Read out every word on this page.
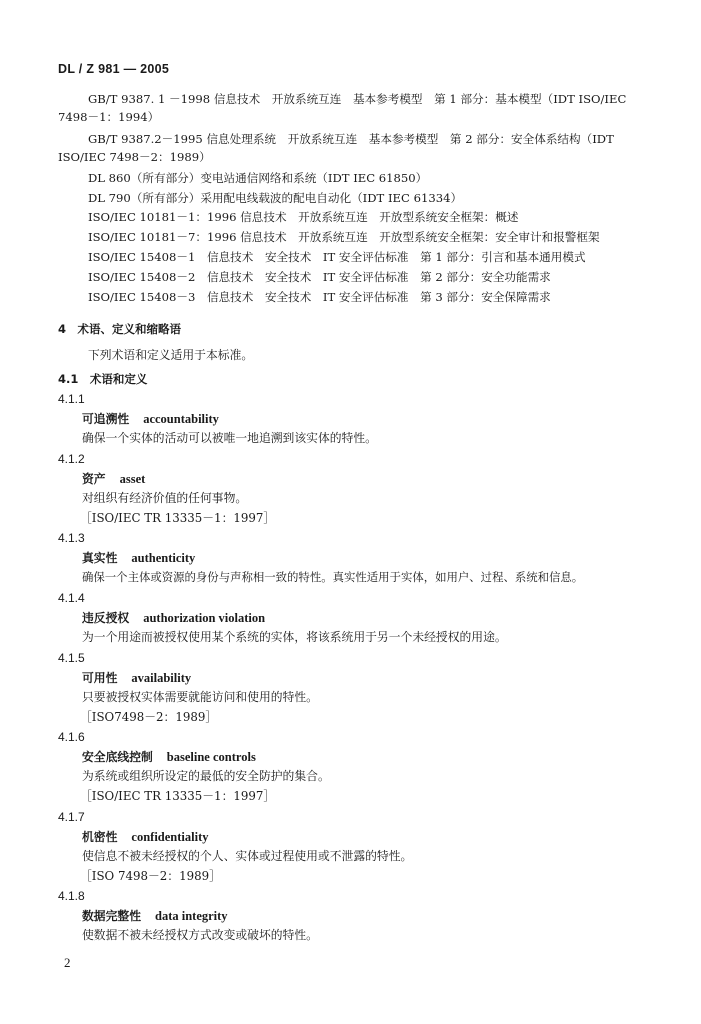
DL / Z 981 — 2005
GB/T 9387. 1 －1998 信息技术　开放系统互连　基本参考模型　第 1 部分：基本模型（IDT ISO/IEC
7498－1：1994）
GB/T 9387.2－1995 信息处理系统　开放系统互连　基本参考模型　第 2 部分：安全体系结构（IDT
ISO/IEC 7498－2：1989）
DL 860（所有部分）变电站通信网络和系统（IDT IEC 61850）
DL 790（所有部分）采用配电线载波的配电自动化（IDT IEC 61334）
ISO/IEC 10181－1：1996 信息技术　开放系统互连　开放型系统安全框架：概述
ISO/IEC 10181－7：1996 信息技术　开放系统互连　开放型系统安全框架：安全审计和报警框架
ISO/IEC 15408－1　信息技术　安全技术　IT 安全评估标准　第 1 部分：引言和基本通用模式
ISO/IEC 15408－2　信息技术　安全技术　IT 安全评估标准　第 2 部分：安全功能需求
ISO/IEC 15408－3　信息技术　安全技术　IT 安全评估标准　第 3 部分：安全保障需求
4　术语、定义和缩略语
下列术语和定义适用于本标准。
4.1　术语和定义
4.1.1
可追溯性 accountability
确保一个实体的活动可以被唯一地追溯到该实体的特性。
4.1.2
资产 asset
对组织有经济价值的任何事物。
［ISO/IEC TR 13335－1：1997］
4.1.3
真实性 authenticity
确保一个主体或资源的身份与声称相一致的特性。真实性适用于实体，如用户、过程、系统和信息。
4.1.4
违反授权 authorization violation
为一个用途而被授权使用某个系统的实体，将该系统用于另一个未经授权的用途。
4.1.5
可用性 availability
只要被授权实体需要就能访问和使用的特性。
［ISO7498－2：1989］
4.1.6
安全底线控制 baseline controls
为系统或组织所设定的最低的安全防护的集合。
［ISO/IEC TR 13335－1：1997］
4.1.7
机密性 confidentiality
使信息不被未经授权的个人、实体或过程使用或不泄露的特性。
［ISO 7498－2：1989］
4.1.8
数据完整性 data integrity
使数据不被未经授权方式改变或破坏的特性。
2
